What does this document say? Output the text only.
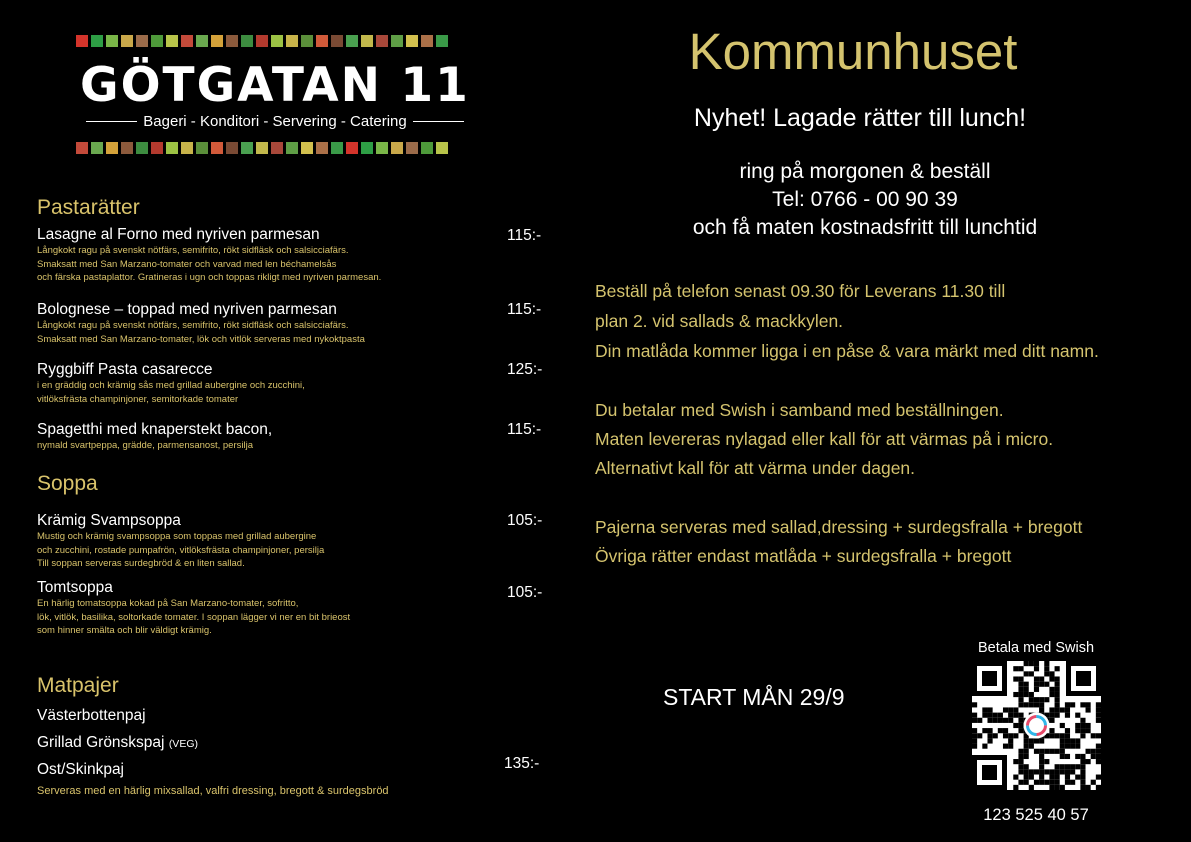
GÖTGATAN 11
Bageri - Konditori - Servering - Catering
Pastarätter
Lasagne al Forno med nyriven parmesan
Långkokt ragu på svenskt nötfärs, semifrito, rökt sidfläsk och salsicciafärs.
Smaksatt med San Marzano-tomater och varvad med len béchamelsås
och färska pastaplattor. Gratineras i ugn och toppas rikligt med nyriven parmesan.
115:-
Bolognese – toppad med nyriven parmesan
Långkokt ragu på svenskt nötfärs, semifrito, rökt sidfläsk och salsicciafärs.
Smaksatt med San Marzano-tomater, lök och vitlök serveras med nykoktpasta
115:-
Ryggbiff Pasta casarecce
i en gräddig och krämig sås med grillad aubergine och zucchini,
vitlöksfrästa champinjoner, semitorkade tomater
125:-
Spagetthi med knaperstekt bacon,
nymald svartpeppa, grädde, parmensanost, persilja
115:-
Soppa
Krämig Svampsoppa
Mustig och krämig svampsoppa som toppas med grillad aubergine
och zucchini, rostade pumpafrön, vitlöksfrästa champinjoner, persilja
Till soppan serveras surdegbröd & en liten sallad.
105:-
Tomtsoppa
En härlig tomatsoppa kokad på San Marzano-tomater, sofritto,
lök, vitlök, basilika, soltorkade tomater. I soppan lägger vi ner en bit brieost
som hinner smälta och blir väldigt krämig.
105:-
Matpajer
Västerbottenpaj
Grillad Grönskspaj (VEG)
Ost/Skinkpaj	135:-
Serveras med en härlig mixsallad, valfri dressing, bregott & surdegsbröd
Kommunhuset
Nyhet! Lagade rätter till lunch!
ring på morgonen & beställ
Tel: 0766 - 00 90 39
och få maten kostnadsfritt till lunchtid
Beställ på telefon senast 09.30 för Leverans 11.30 till
plan 2. vid sallads & mackkylen.
Din matlåda kommer ligga i en påse & vara märkt med ditt namn.
Du betalar med Swish i samband med beställningen.
Maten levereras nylagad eller kall för att värmas på i micro.
Alternativt kall för att värma under dagen.
Pajerna serveras med sallad,dressing + surdegsfralla + bregott
Övriga rätter endast matlåda + surdegsfralla + bregott
START MÅN 29/9
Betala med Swish
123 525 40 57
